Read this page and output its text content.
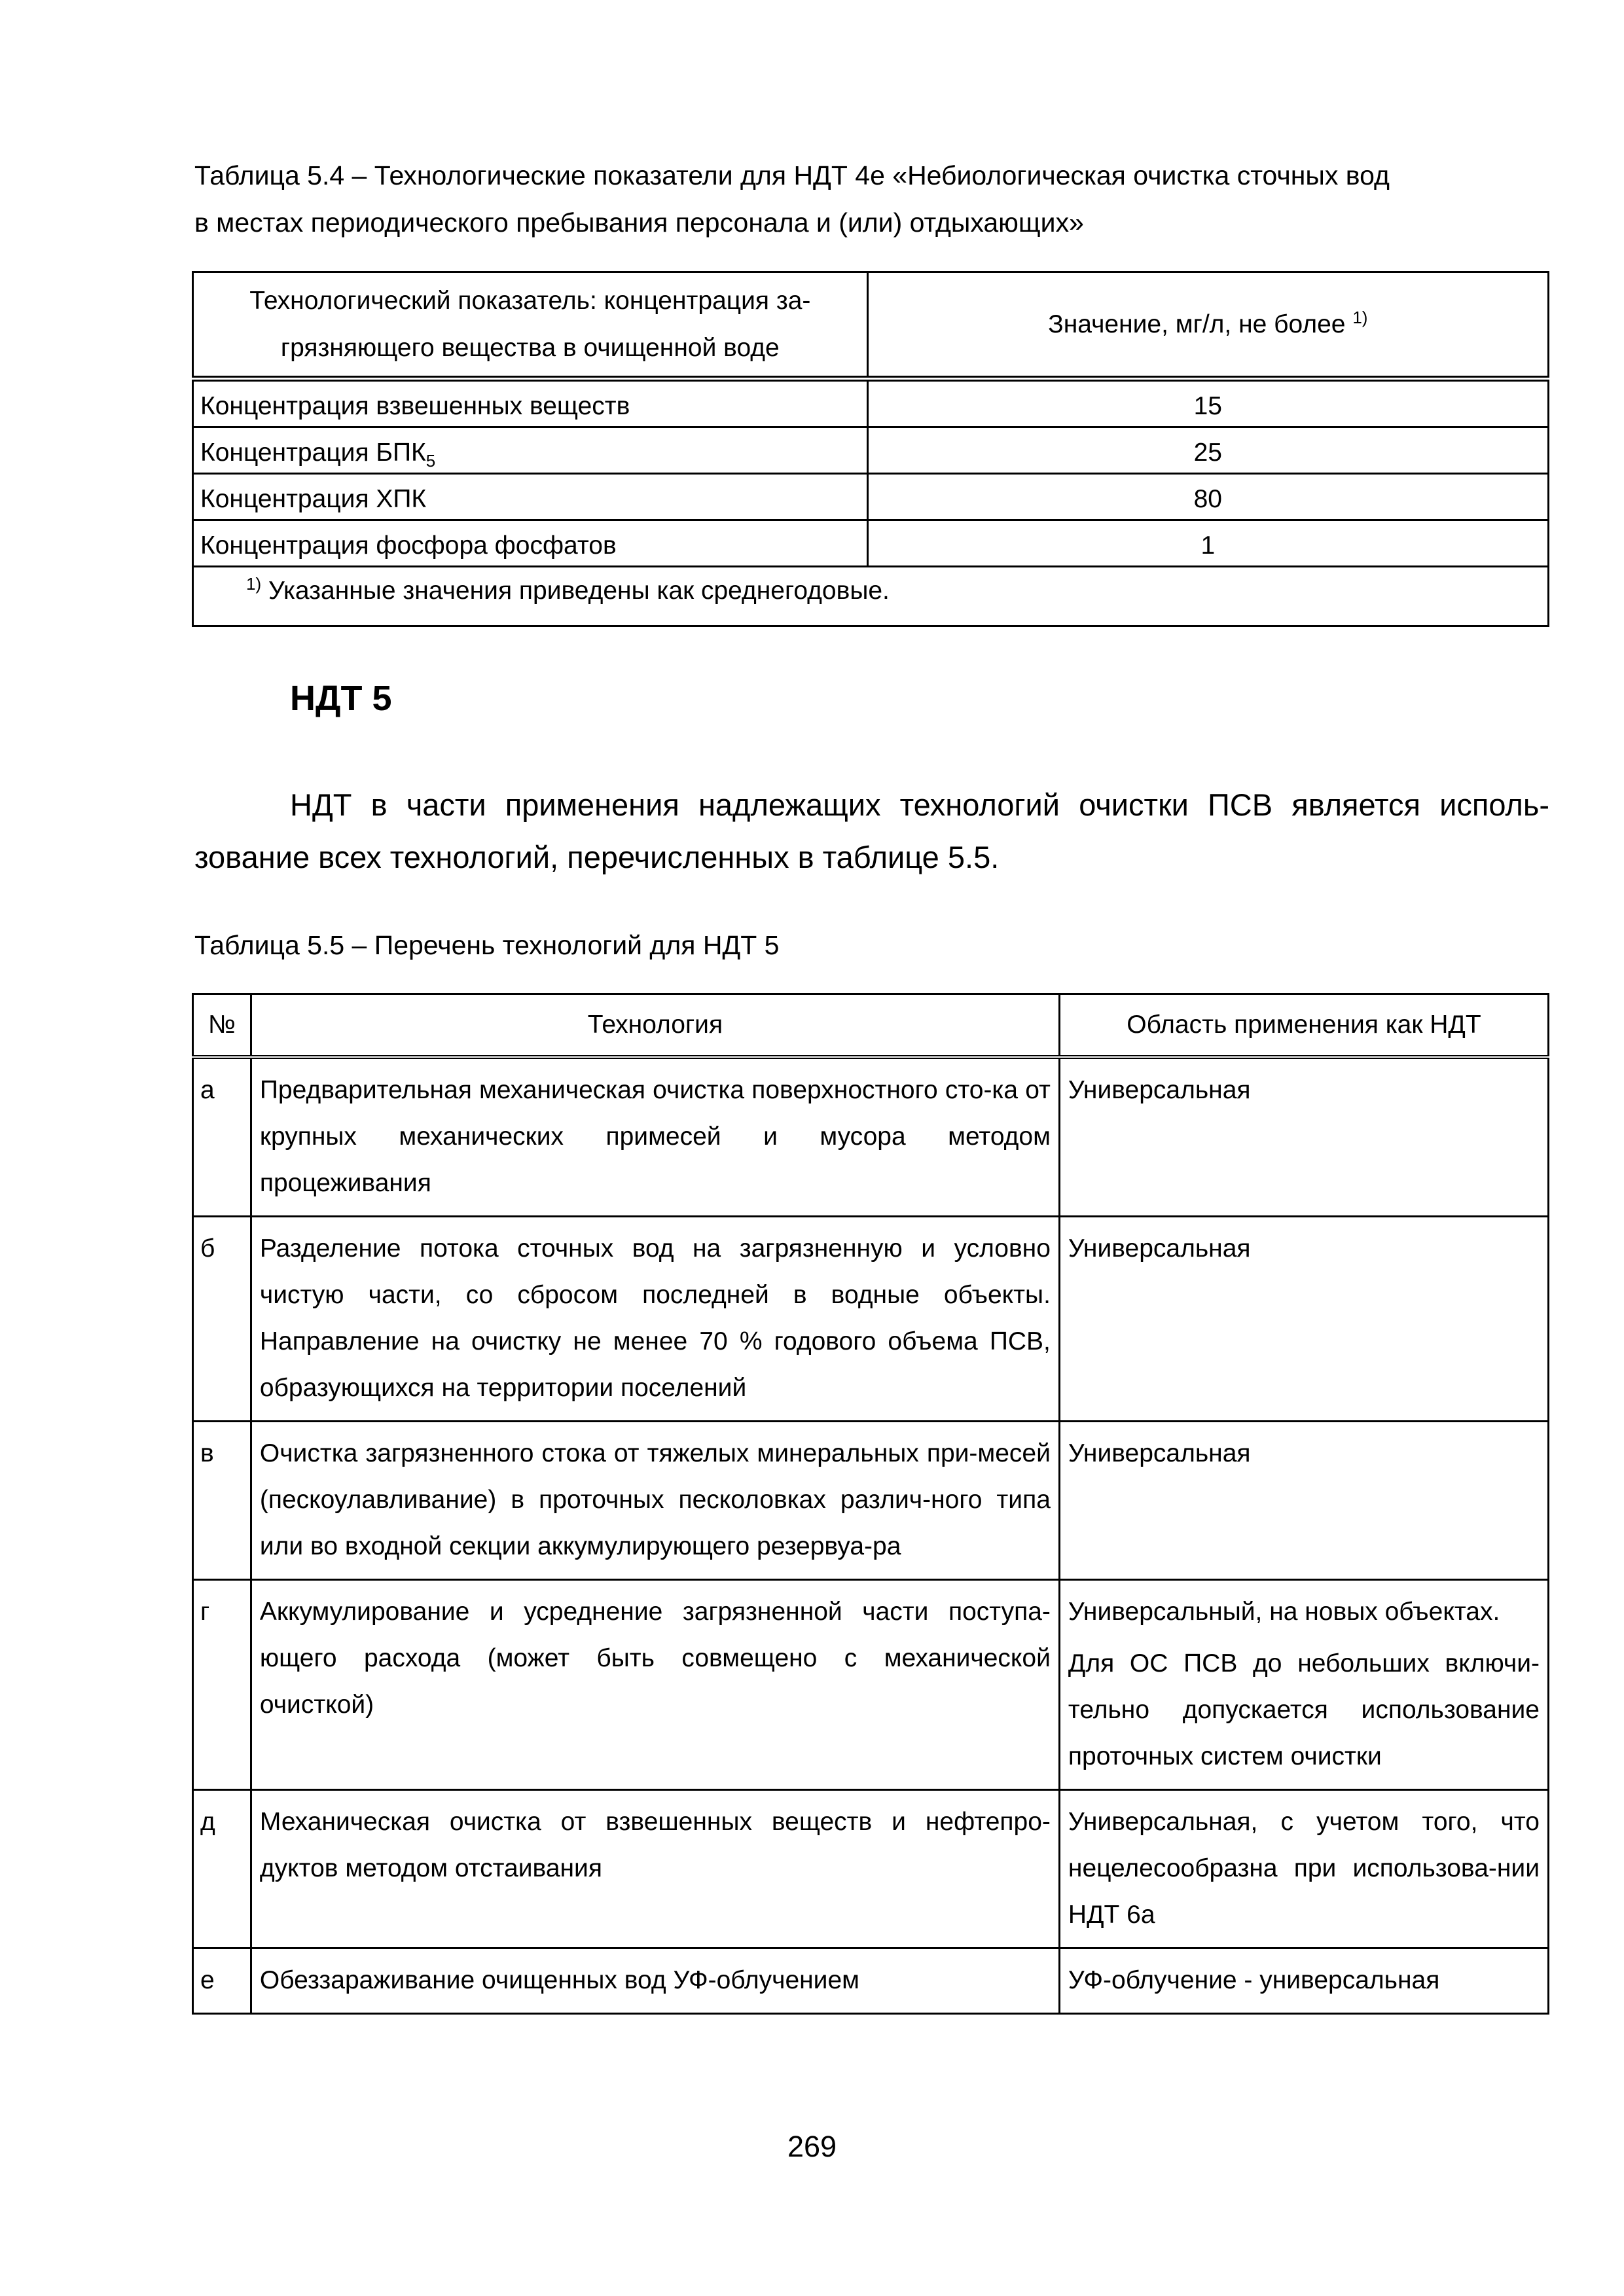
Таблица 5.4 – Технологические показатели для НДТ 4е «Небиологическая очистка сточных вод
в местах периодического пребывания персонала и (или) отдыхающих»
Технологический показатель: концентрация за-
грязняющего вещества в очищенной воде	Значение, мг/л, не более $^{1)}$
Концентрация взвешенных веществ	15
Концентрация $БПК_5$	25
Концентрация ХПК	80
Концентрация фосфора фосфатов	1
$^{1)}$ Указанные значения приведены как среднегодовые.	
НДТ 5
НДТ в части применения надлежащих технологий очистки ПСВ является исполь-
зование всех технологий, перечисленных в таблице 5.5.
Таблица 5.5 – Перечень технологий для НДТ 5
№	Технология	Область применения как НДТ
а	Предварительная механическая очистка поверхностного сто-ка от крупных механических примесей и мусора методом процеживания	Универсальная
б	Разделение потока сточных вод на загрязненную и условно чистую части, со сбросом последней в водные объекты. Направление на очистку не менее 70 % годового объема ПСВ, образующихся на территории поселений	Универсальная
в	Очистка загрязненного стока от тяжелых минеральных при-месей (пескоулавливание) в проточных песколовках различ-ного типа или во входной секции аккумулирующего резервуа-ра	Универсальная
г	Аккумулирование и усреднение загрязненной части поступа-ющего расхода (может быть совмещено с механической очисткой)	Универсальный, на новых объектах.
Для ОС ПСВ до небольших включи-тельно допускается использование проточных систем очистки

д	Механическая очистка от взвешенных веществ и нефтепро-дуктов методом отстаивания	Универсальная, с учетом того, что нецелесообразна при использова-нии НДТ 6а
е	Обеззараживание очищенных вод УФ-облучением	УФ-облучение - универсальная
269
